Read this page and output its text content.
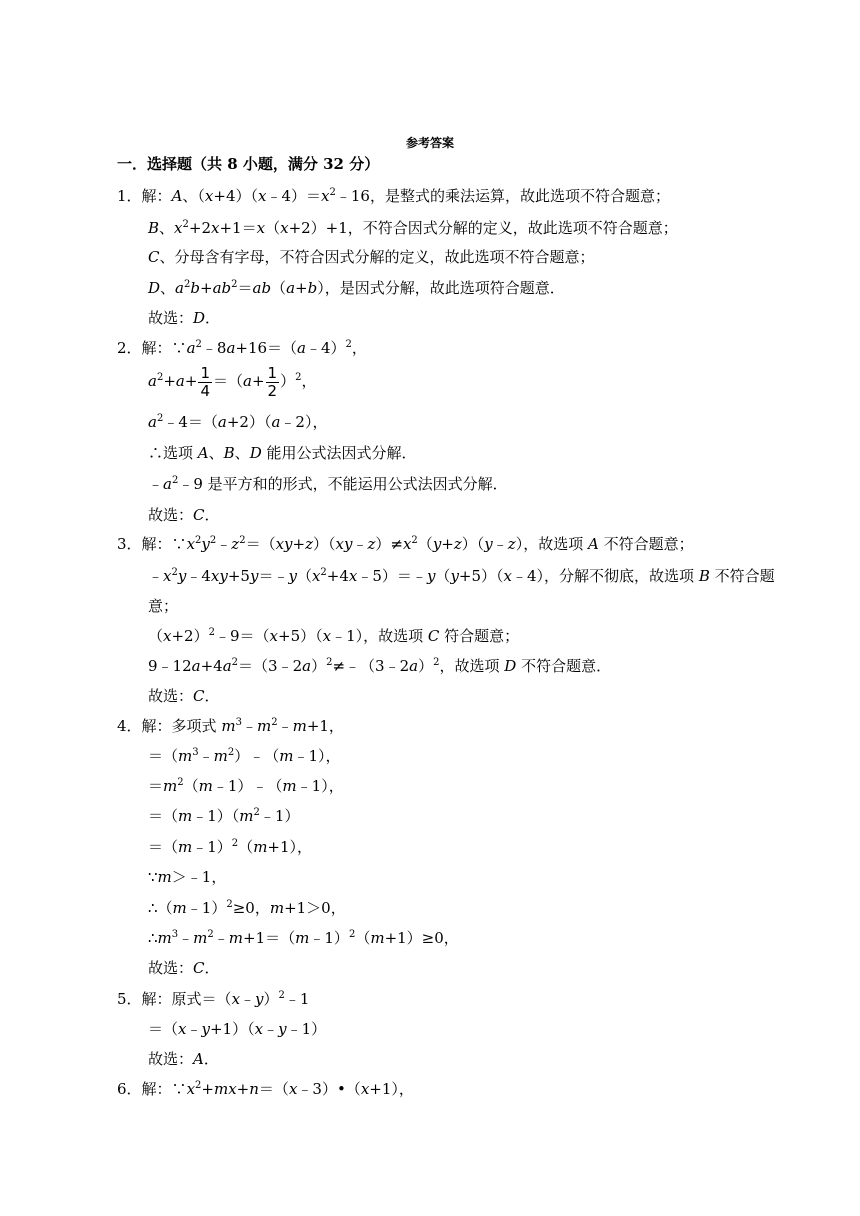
参考答案
一．选择题（共 8 小题，满分 32 分）
1．解：A、$(x+4)(x﹣4)=x^2﹣16$，是整式的乘法运算，故此选项不符合题意；
B、$x^2+2x+1=x(x+2)+1$，不符合因式分解的定义，故此选项不符合题意；
C、分母含有字母，不符合因式分解的定义，故此选项不符合题意；
D、$a^2b+ab^2=ab(a+b)$，是因式分解，故此选项符合题意．
故选：D．
2．解：$\because a^2﹣8a+16=(a﹣4)^2$，
$a^2+a+ \frac{1}{4} =(a+ \frac{1}{2} )^2$，
$a^2﹣4=(a+2)(a﹣2)$，
∴选项 A、B、D 能用公式法因式分解．
$﹣a^2﹣9$ 是平方和的形式，不能运用公式法因式分解．
故选：C．
3．解：$\because x^2y^2﹣z^2=(xy+z)(xy﹣z)\ne x^2(y+z)(y﹣z)$，故选项 A 不符合题意；
$﹣x^2y﹣4xy+5y=﹣y(x^2+4x﹣5)=﹣y(y+5)(x﹣4)$，分解不彻底，故选项 B 不符合题
意；
$(x+2)^2﹣9=(x+5)(x﹣1)$，故选项 C 符合题意；
$9﹣12a+4a^2=(3﹣2a)^2\ne﹣(3﹣2a)^2$，故选项 D 不符合题意．
故选：C．
4．解：多项式 $m^3﹣m^2﹣m+1$，
$=(m^3﹣m^2)﹣(m﹣1)$，
$=m^2(m﹣1)﹣(m﹣1)$，
$=(m﹣1)(m^2﹣1)$
＝（m﹣1）$^2$（m+1），
∵m＞﹣1，
∴（m﹣1）$^2$≥0，m+1＞0，
$\therefore m^3﹣m^2﹣m+1=(m﹣1)^2(m+1)\ge 0$，
故选：C．
5．解：原式＝（x﹣y）$^2$﹣1
＝（x﹣y+1）（x﹣y﹣1）
故选：A．
6．解：$\because x^2+mx+n=(x﹣3)•(x+1)$，
